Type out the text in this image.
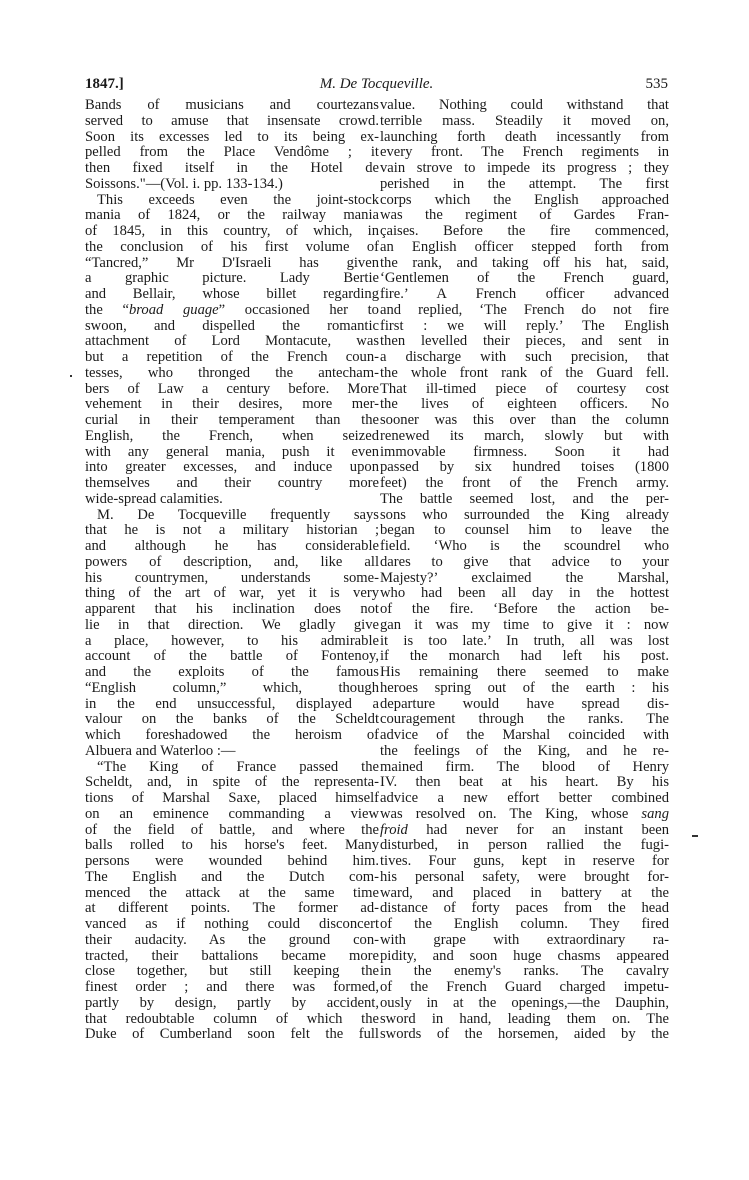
1847.]	M. De Tocqueville.	535
Bands of musicians and courtezans
served to amuse that insensate crowd.
Soon its excesses led to its being ex-
pelled from the Place Vendôme ; it
then fixed itself in the Hotel de
Soissons."—(Vol. i. pp. 133-134.)
This exceeds even the joint-stock
mania of 1824, or the railway mania
of 1845, in this country, of which, in
the conclusion of his first volume of
“Tancred,” Mr D'Israeli has given
a graphic picture. Lady Bertie
and Bellair, whose billet regarding
the “broad guage” occasioned her to
swoon, and dispelled the romantic
attachment of Lord Montacute, was
but a repetition of the French coun-
tesses, who thronged the antecham-
bers of Law a century before. More
vehement in their desires, more mer-
curial in their temperament than the
English, the French, when seized
with any general mania, push it even
into greater excesses, and induce upon
themselves and their country more
wide-spread calamities.
M. De Tocqueville frequently says
that he is not a military historian ;
and although he has considerable
powers of description, and, like all
his countrymen, understands some-
thing of the art of war, yet it is very
apparent that his inclination does not
lie in that direction. We gladly give
a place, however, to his admirable
account of the battle of Fontenoy,
and the exploits of the famous
“English column,” which, though
in the end unsuccessful, displayed a
valour on the banks of the Scheldt
which foreshadowed the heroism of
Albuera and Waterloo :—
“The King of France passed the
Scheldt, and, in spite of the representa-
tions of Marshal Saxe, placed himself
on an eminence commanding a view
of the field of battle, and where the
balls rolled to his horse's feet. Many
persons were wounded behind him.
The English and the Dutch com-
menced the attack at the same time
at different points. The former ad-
vanced as if nothing could disconcert
their audacity. As the ground con-
tracted, their battalions became more
close together, but still keeping the
finest order ; and there was formed,
partly by design, partly by accident,
that redoubtable column of which the
Duke of Cumberland soon felt the full
value. Nothing could withstand that
terrible mass. Steadily it moved on,
launching forth death incessantly from
every front. The French regiments in
vain strove to impede its progress ; they
perished in the attempt. The first
corps which the English approached
was the regiment of Gardes Fran-
çaises. Before the fire commenced,
an English officer stepped forth from
the rank, and taking off his hat, said,
‘Gentlemen of the French guard,
fire.’ A French officer advanced
and replied, ‘The French do not fire
first : we will reply.’ The English
then levelled their pieces, and sent in
a discharge with such precision, that
the whole front rank of the Guard fell.
That ill-timed piece of courtesy cost
the lives of eighteen officers. No
sooner was this over than the column
renewed its march, slowly but with
immovable firmness. Soon it had
passed by six hundred toises (1800
feet) the front of the French army.
The battle seemed lost, and the per-
sons who surrounded the King already
began to counsel him to leave the
field. ‘Who is the scoundrel who
dares to give that advice to your
Majesty?’ exclaimed the Marshal,
who had been all day in the hottest
of the fire. ‘Before the action be-
gan it was my time to give it : now
it is too late.’ In truth, all was lost
if the monarch had left his post.
His remaining there seemed to make
heroes spring out of the earth : his
departure would have spread dis-
couragement through the ranks. The
advice of the Marshal coincided with
the feelings of the King, and he re-
mained firm. The blood of Henry
IV. then beat at his heart. By his
advice a new effort better combined
was resolved on. The King, whose sang
froid had never for an instant been
disturbed, in person rallied the fugi-
tives. Four guns, kept in reserve for
his personal safety, were brought for-
ward, and placed in battery at the
distance of forty paces from the head
of the English column. They fired
with grape with extraordinary ra-
pidity, and soon huge chasms appeared
in the enemy's ranks. The cavalry
of the French Guard charged impetu-
ously in at the openings,—the Dauphin,
sword in hand, leading them on. The
swords of the horsemen, aided by the
